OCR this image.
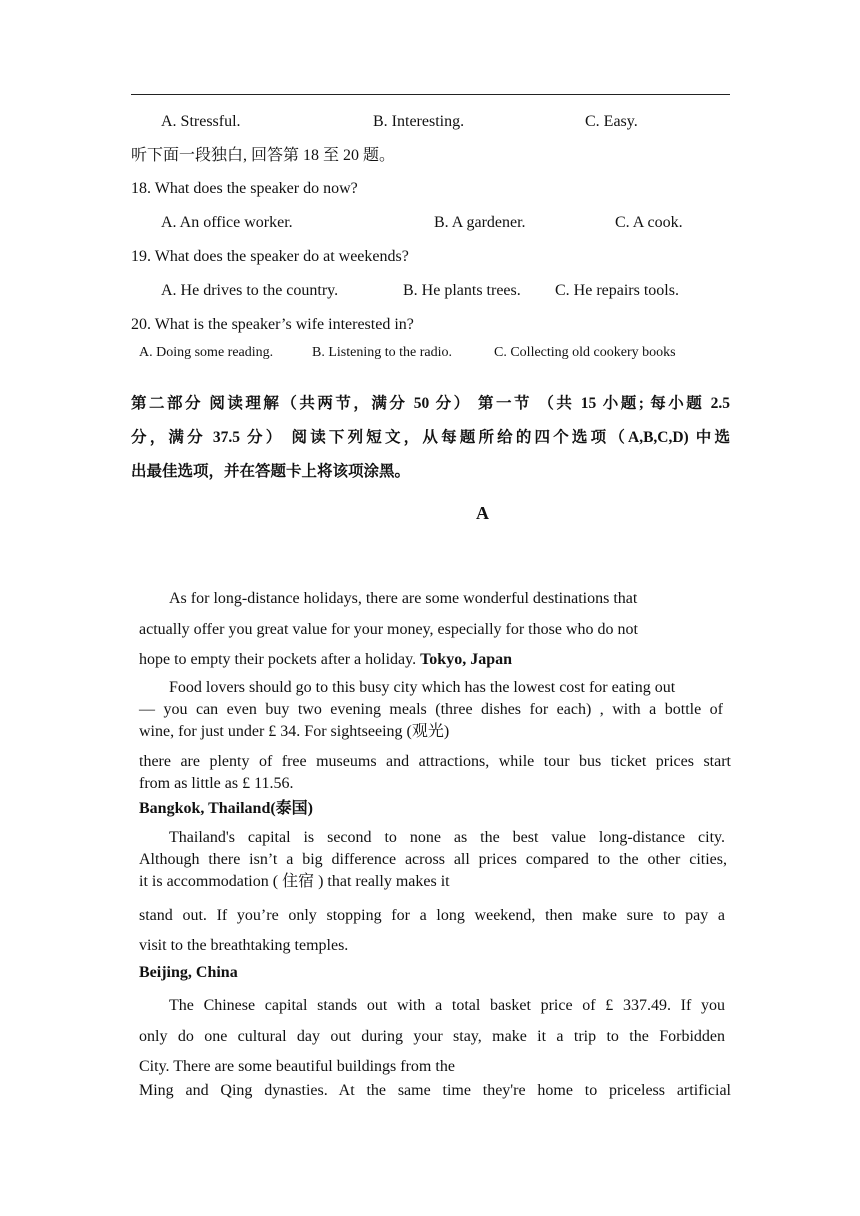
A. Stressful.	B. Interesting.	C. Easy.
听下面一段独白, 回答第 18 至 20 题。
18. What does the speaker do now?
A. An office worker.	B. A gardener.	C. A cook.
19. What does the speaker do at weekends?
A. He drives to the country.	B. He plants trees. C. He repairs tools.
20. What is the speaker’s wife interested in?
A. Doing some reading.	B. Listening to the radio.	C. Collecting old cookery books
第二部分 阅读理解（共两节，满分 50 分） 第一节 （共 15 小题; 每小题 2.5
分，满分 37.5 分） 阅读下列短文，从每题所给的四个选项（A,B,C,D) 中选
出最佳选项，并在答题卡上将该项涂黑。
A
As for long-distance holidays, there are some wonderful destinations that
actually offer you great value for your money, especially for those who do not
hope to empty their pockets after a holiday. Tokyo, Japan
Food lovers should go to this busy city which has the lowest cost for eating out
— you can even buy two evening meals (three dishes for each) , with a bottle of
wine, for just under £ 34. For sightseeing (观光)
there are plenty of free museums and attractions, while tour bus ticket prices start
from as little as £ 11.56.
Bangkok, Thailand(泰国)
Thailand's capital is second to none as the best value long-distance city.
Although there isn’t a big difference across all prices compared to the other cities,
it is accommodation ( 住宿 ) that really makes it
stand out. If you’re only stopping for a long weekend, then make sure to pay a
visit to the breathtaking temples.
Beijing, China
The Chinese capital stands out with a total basket price of £ 337.49. If you
only do one cultural day out during your stay, make it a trip to the Forbidden
City. There are some beautiful buildings from the
Ming and Qing dynasties. At the same time they're home to priceless artificial
